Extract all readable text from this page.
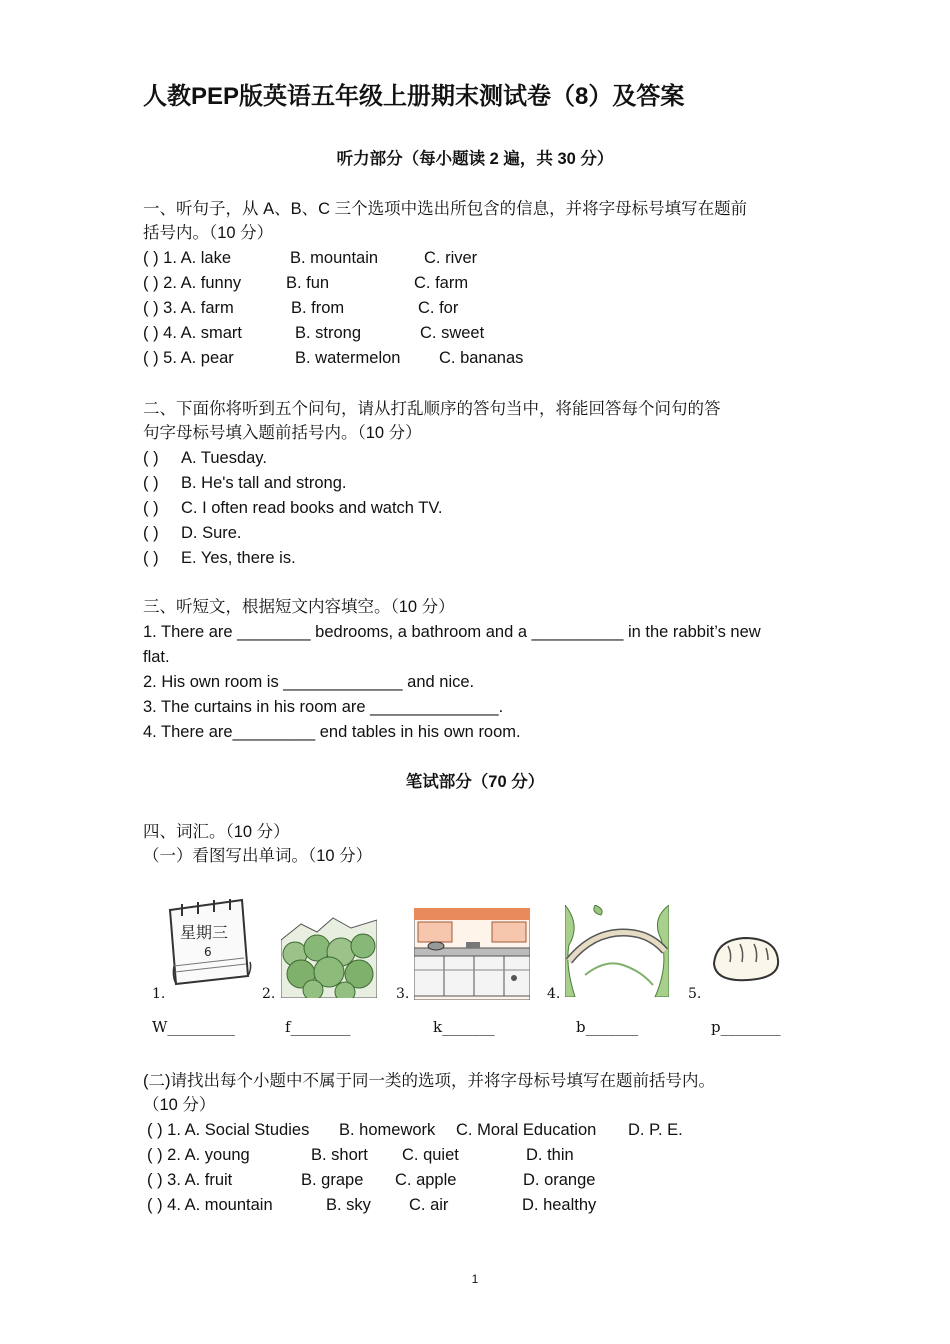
人教PEP版英语五年级上册期末测试卷（8）及答案
听力部分（每小题读 2 遍，共 30 分）
一、听句子，从 A、B、C 三个选项中选出所包含的信息，并将字母标号填写在题前
括号内。（10 分）
( ) 1. A. lake	B. mountain	C. river
( ) 2. A. funny	B. fun	C. farm
( ) 3. A. farm	B. from	C. for
( ) 4. A. smart	B. strong	C. sweet
( ) 5. A. pear	B. watermelon C. bananas
二、下面你将听到五个问句，请从打乱顺序的答句当中，将能回答每个问句的答
句字母标号填入题前括号内。（10 分）
( ) A. Tuesday.
( ) B. He's tall and strong.
( ) C. I often read books and watch TV.
( ) D. Sure.
( ) E. Yes, there is.
三、听短文，根据短文内容填空。（10 分）
1. There are ________ bedrooms, a bathroom and a __________ in the rabbit’s new
flat.
2. His own room is _____________ and nice.
3. The curtains in his room are ______________.
4. There are_________ end tables in his own room.
笔试部分（70 分）
四、词汇。（10 分）
（一）看图写出单词。（10 分）
星期三
6
1.	2.	3.	4.	5.
W_________	f________	k_______	b_______	p________
(二)请找出每个小题中不属于同一类的选项，并将字母标号填写在题前括号内。
（10 分）
( ) 1. A. Social Studies B. homework C. Moral Education D. P. E.
( ) 2. A. young	B. short C. quiet	D. thin
( ) 3. A. fruit	B. grape C. apple	D. orange
( ) 4. A. mountain	B. sky C. air	D. healthy
1
